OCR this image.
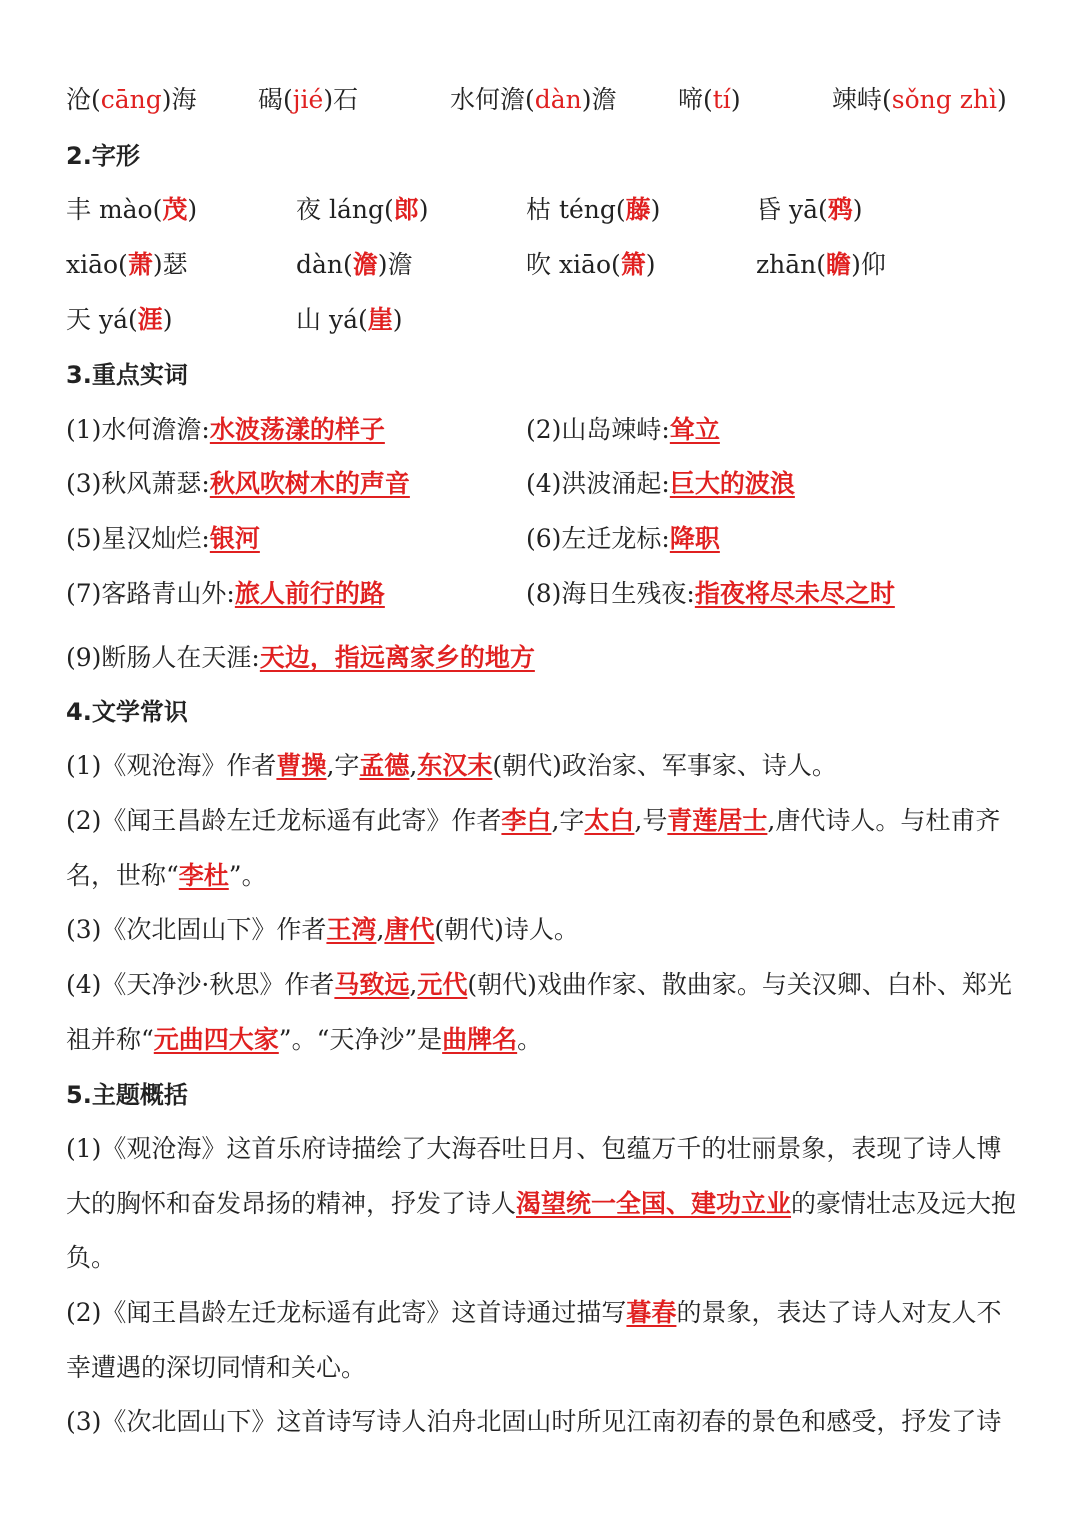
沧(cāng)海 碣(jié)石	水何澹(dàn)澹 啼(tí)	竦峙(sǒng zhì)
2.字形
丰 mào(茂)	夜 láng(郎)	枯 téng(藤)	昏 yā(鸦)
xiāo(萧)瑟	dàn(澹)澹	吹 xiāo(箫)	zhān(瞻)仰
天 yá(涯)	山 yá(崖)
3.重点实词
(1)水何澹澹:水波荡漾的样子	(2)山岛竦峙:耸立
(3)秋风萧瑟:秋风吹树木的声音	(4)洪波涌起:巨大的波浪
(5)星汉灿烂:银河	(6)左迁龙标:降职
(7)客路青山外:旅人前行的路	(8)海日生残夜:指夜将尽未尽之时
(9)断肠人在天涯:天边，指远离家乡的地方
4.文学常识
(1)《观沧海》作者曹操,字孟德,东汉末(朝代)政治家、军事家、诗人。
(2)《闻王昌龄左迁龙标遥有此寄》作者李白,字太白,号青莲居士,唐代诗人。与杜甫齐名，世称“李杜”。
(3)《次北固山下》作者王湾,唐代(朝代)诗人。
(4)《天净沙·秋思》作者马致远,元代(朝代)戏曲作家、散曲家。与关汉卿、白朴、郑光祖并称“元曲四大家”。“天净沙”是曲牌名。
5.主题概括
(1)《观沧海》这首乐府诗描绘了大海吞吐日月、包蕴万千的壮丽景象，表现了诗人博大的胸怀和奋发昂扬的精神，抒发了诗人渴望统一全国、建功立业的豪情壮志及远大抱负。
(2)《闻王昌龄左迁龙标遥有此寄》这首诗通过描写暮春的景象，表达了诗人对友人不幸遭遇的深切同情和关心。
(3)《次北固山下》这首诗写诗人泊舟北固山时所见江南初春的景色和感受，抒发了诗
